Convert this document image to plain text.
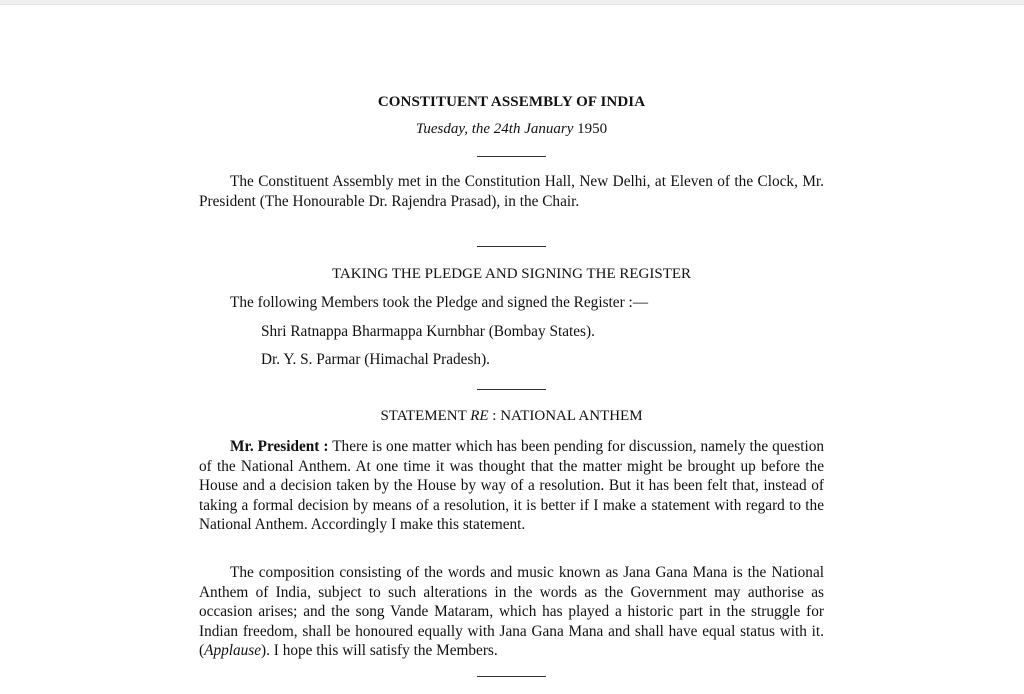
CONSTITUENT ASSEMBLY OF INDIA
Tuesday, the 24th January 1950

The Constituent Assembly met in the Constitution Hall, New Delhi, at Eleven of the Clock, Mr. President (The Honourable Dr. Rajendra Prasad), in the Chair.

TAKING THE PLEDGE AND SIGNING THE REGISTER

The following Members took the Pledge and signed the Register :—

Shri Ratnappa Bharmappa Kurnbhar (Bombay States).

Dr. Y. S. Parmar (Himachal Pradesh).

STATEMENT RE : NATIONAL ANTHEM

Mr. President : There is one matter which has been pending for discussion, namely the question of the National Anthem. At one time it was thought that the matter might be brought up before the House and a decision taken by the House by way of a resolution. But it has been felt that, instead of taking a formal decision by means of a resolution, it is better if I make a statement with regard to the National Anthem. Accordingly I make this statement.

The composition consisting of the words and music known as Jana Gana Mana is the National Anthem of India, subject to such alterations in the words as the Government may authorise as occasion arises; and the song Vande Mataram, which has played a historic part in the struggle for Indian freedom, shall be honoured equally with Jana Gana Mana and shall have equal status with it. (Applause). I hope this will satisfy the Members.
